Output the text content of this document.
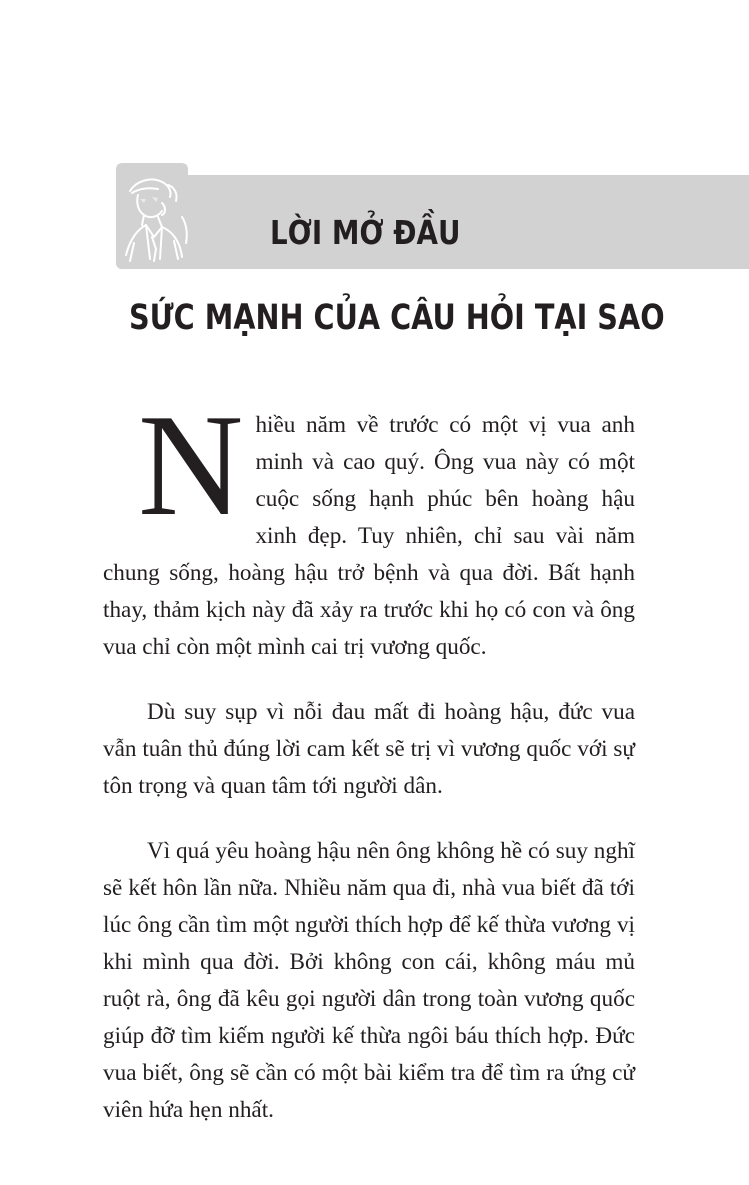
LỜI MỞ ĐẦU
SỨC MẠNH CỦA CÂU HỎI TẠI SAO

Nhiều năm về trước có một vị vua anh minh và cao quý. Ông vua này có một cuộc sống hạnh phúc bên hoàng hậu xinh đẹp. Tuy nhiên, chỉ sau vài năm chung sống, hoàng hậu trở bệnh và qua đời. Bất hạnh thay, thảm kịch này đã xảy ra trước khi họ có con và ông vua chỉ còn một mình cai trị vương quốc.

Dù suy sụp vì nỗi đau mất đi hoàng hậu, đức vua vẫn tuân thủ đúng lời cam kết sẽ trị vì vương quốc với sự tôn trọng và quan tâm tới người dân.

Vì quá yêu hoàng hậu nên ông không hề có suy nghĩ sẽ kết hôn lần nữa. Nhiều năm qua đi, nhà vua biết đã tới lúc ông cần tìm một người thích hợp để kế thừa vương vị khi mình qua đời. Bởi không con cái, không máu mủ ruột rà, ông đã kêu gọi người dân trong toàn vương quốc giúp đỡ tìm kiếm người kế thừa ngôi báu thích hợp. Đức vua biết, ông sẽ cần có một bài kiểm tra để tìm ra ứng cử viên hứa hẹn nhất.
